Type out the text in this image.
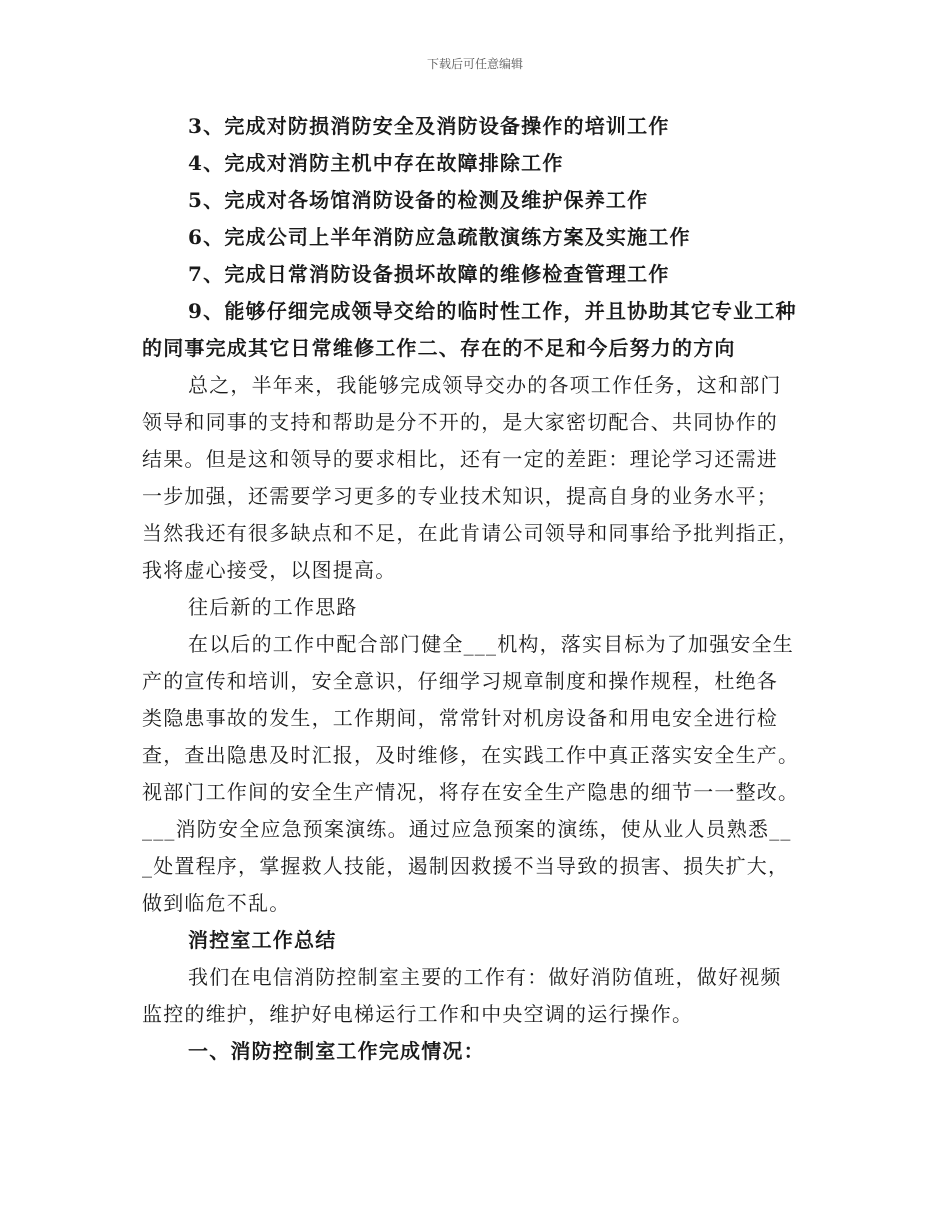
下载后可任意编辑
3、完成对防损消防安全及消防设备操作的培训工作
4、完成对消防主机中存在故障排除工作
5、完成对各场馆消防设备的检测及维护保养工作
6、完成公司上半年消防应急疏散演练方案及实施工作
7、完成日常消防设备损坏故障的维修检查管理工作
9、能够仔细完成领导交给的临时性工作，并且协助其它专业工种
的同事完成其它日常维修工作二、存在的不足和今后努力的方向
总之，半年来，我能够完成领导交办的各项工作任务，这和部门
领导和同事的支持和帮助是分不开的，是大家密切配合、共同协作的
结果。但是这和领导的要求相比，还有一定的差距：理论学习还需进
一步加强，还需要学习更多的专业技术知识，提高自身的业务水平；
当然我还有很多缺点和不足，在此肯请公司领导和同事给予批判指正，
我将虚心接受，以图提高。
往后新的工作思路
在以后的工作中配合部门健全___机构，落实目标为了加强安全生
产的宣传和培训，安全意识，仔细学习规章制度和操作规程，杜绝各
类隐患事故的发生，工作期间，常常针对机房设备和用电安全进行检
查，查出隐患及时汇报，及时维修，在实践工作中真正落实安全生产。
视部门工作间的安全生产情况，将存在安全生产隐患的细节一一整改。
___消防安全应急预案演练。通过应急预案的演练，使从业人员熟悉__
_处置程序，掌握救人技能，遏制因救援不当导致的损害、损失扩大，
做到临危不乱。
消控室工作总结
我们在电信消防控制室主要的工作有：做好消防值班，做好视频
监控的维护，维护好电梯运行工作和中央空调的运行操作。
一、消防控制室工作完成情况：
